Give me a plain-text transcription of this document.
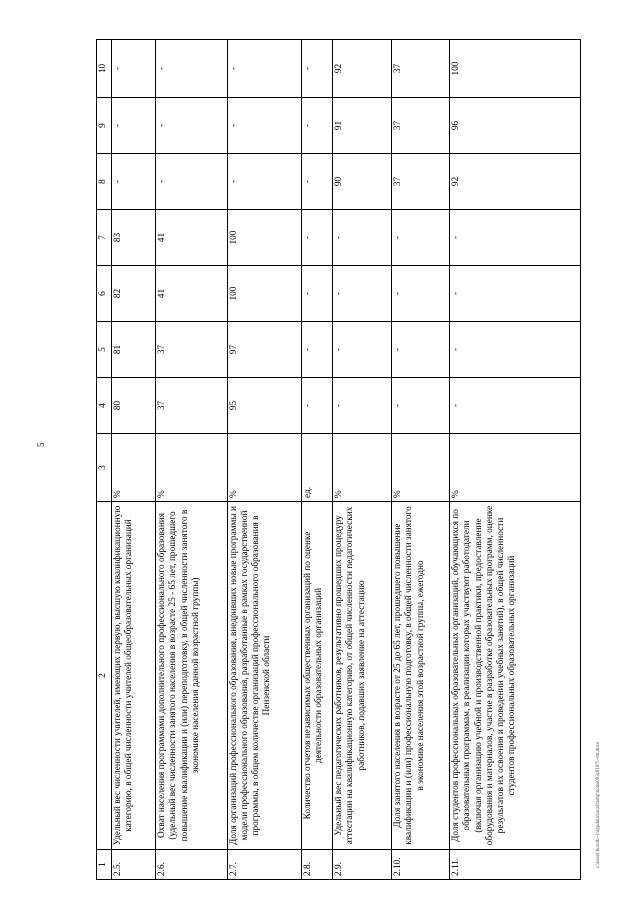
5
c:\users\borodi~1\appdata\local\temp\notes093c8187\~mt.docx
1	2	3	4	5	6	7	8	9	10
2.5.	Удельный вес численности учителей, имеющих первую, высшую квалификационную категорию, в общей численности учителей общеобразовательных организаций	%	80	81	82	83	-	-	-
2.6.	Охват населения программами дополнительного профессионального образования (удельный вес численности занятого населения в возрасте 25 - 65 лет, прошедшего повышение квалификации и (или) переподготовку, в общей численности занятого в экономике населения данной возрастной группы)	%	37	37	41	41	-	-	-
2.7.	Доля организаций профессионального образования, внедривших новые программы и модели профессионального образования, разработанные в рамках государственной программы, в общем количестве организаций профессионального образования в Пензенской области	%	95	97	100	100	-	-	-
2.8.	Количество отчетов независимых общественных организаций по оценке деятельности образовательных организаций	ед.	-	-	-	-	-	-	-
2.9.	Удельный вес педагогических работников, результативно прошедших процедуру аттестации на квалификационную категорию, от общей численности педагогических работников, подавших заявление на аттестацию	%	-	-	-	-	90	91	92
2.10.	Доля занятого населения в возрасте от 25 до 65 лет, прошедшего повышение квалификации и (или) профессиональную подготовку, в общей численности занятого в экономике населения этой возрастной группы, ежегодно	%	-	-	-	-	37	37	37
2.11.	Доля студентов профессиональных образовательных организаций, обучающихся по образовательным программам, в реализации которых участвуют работодатели (включая организацию учебной и производственной практики, предоставление оборудования и материалов, участие в разработке образовательных программ, оценке результатов их освоения и проведении учебных занятий), в общей численности студентов профессиональных образовательных организаций	%	-	-	-	-	92	96	100
